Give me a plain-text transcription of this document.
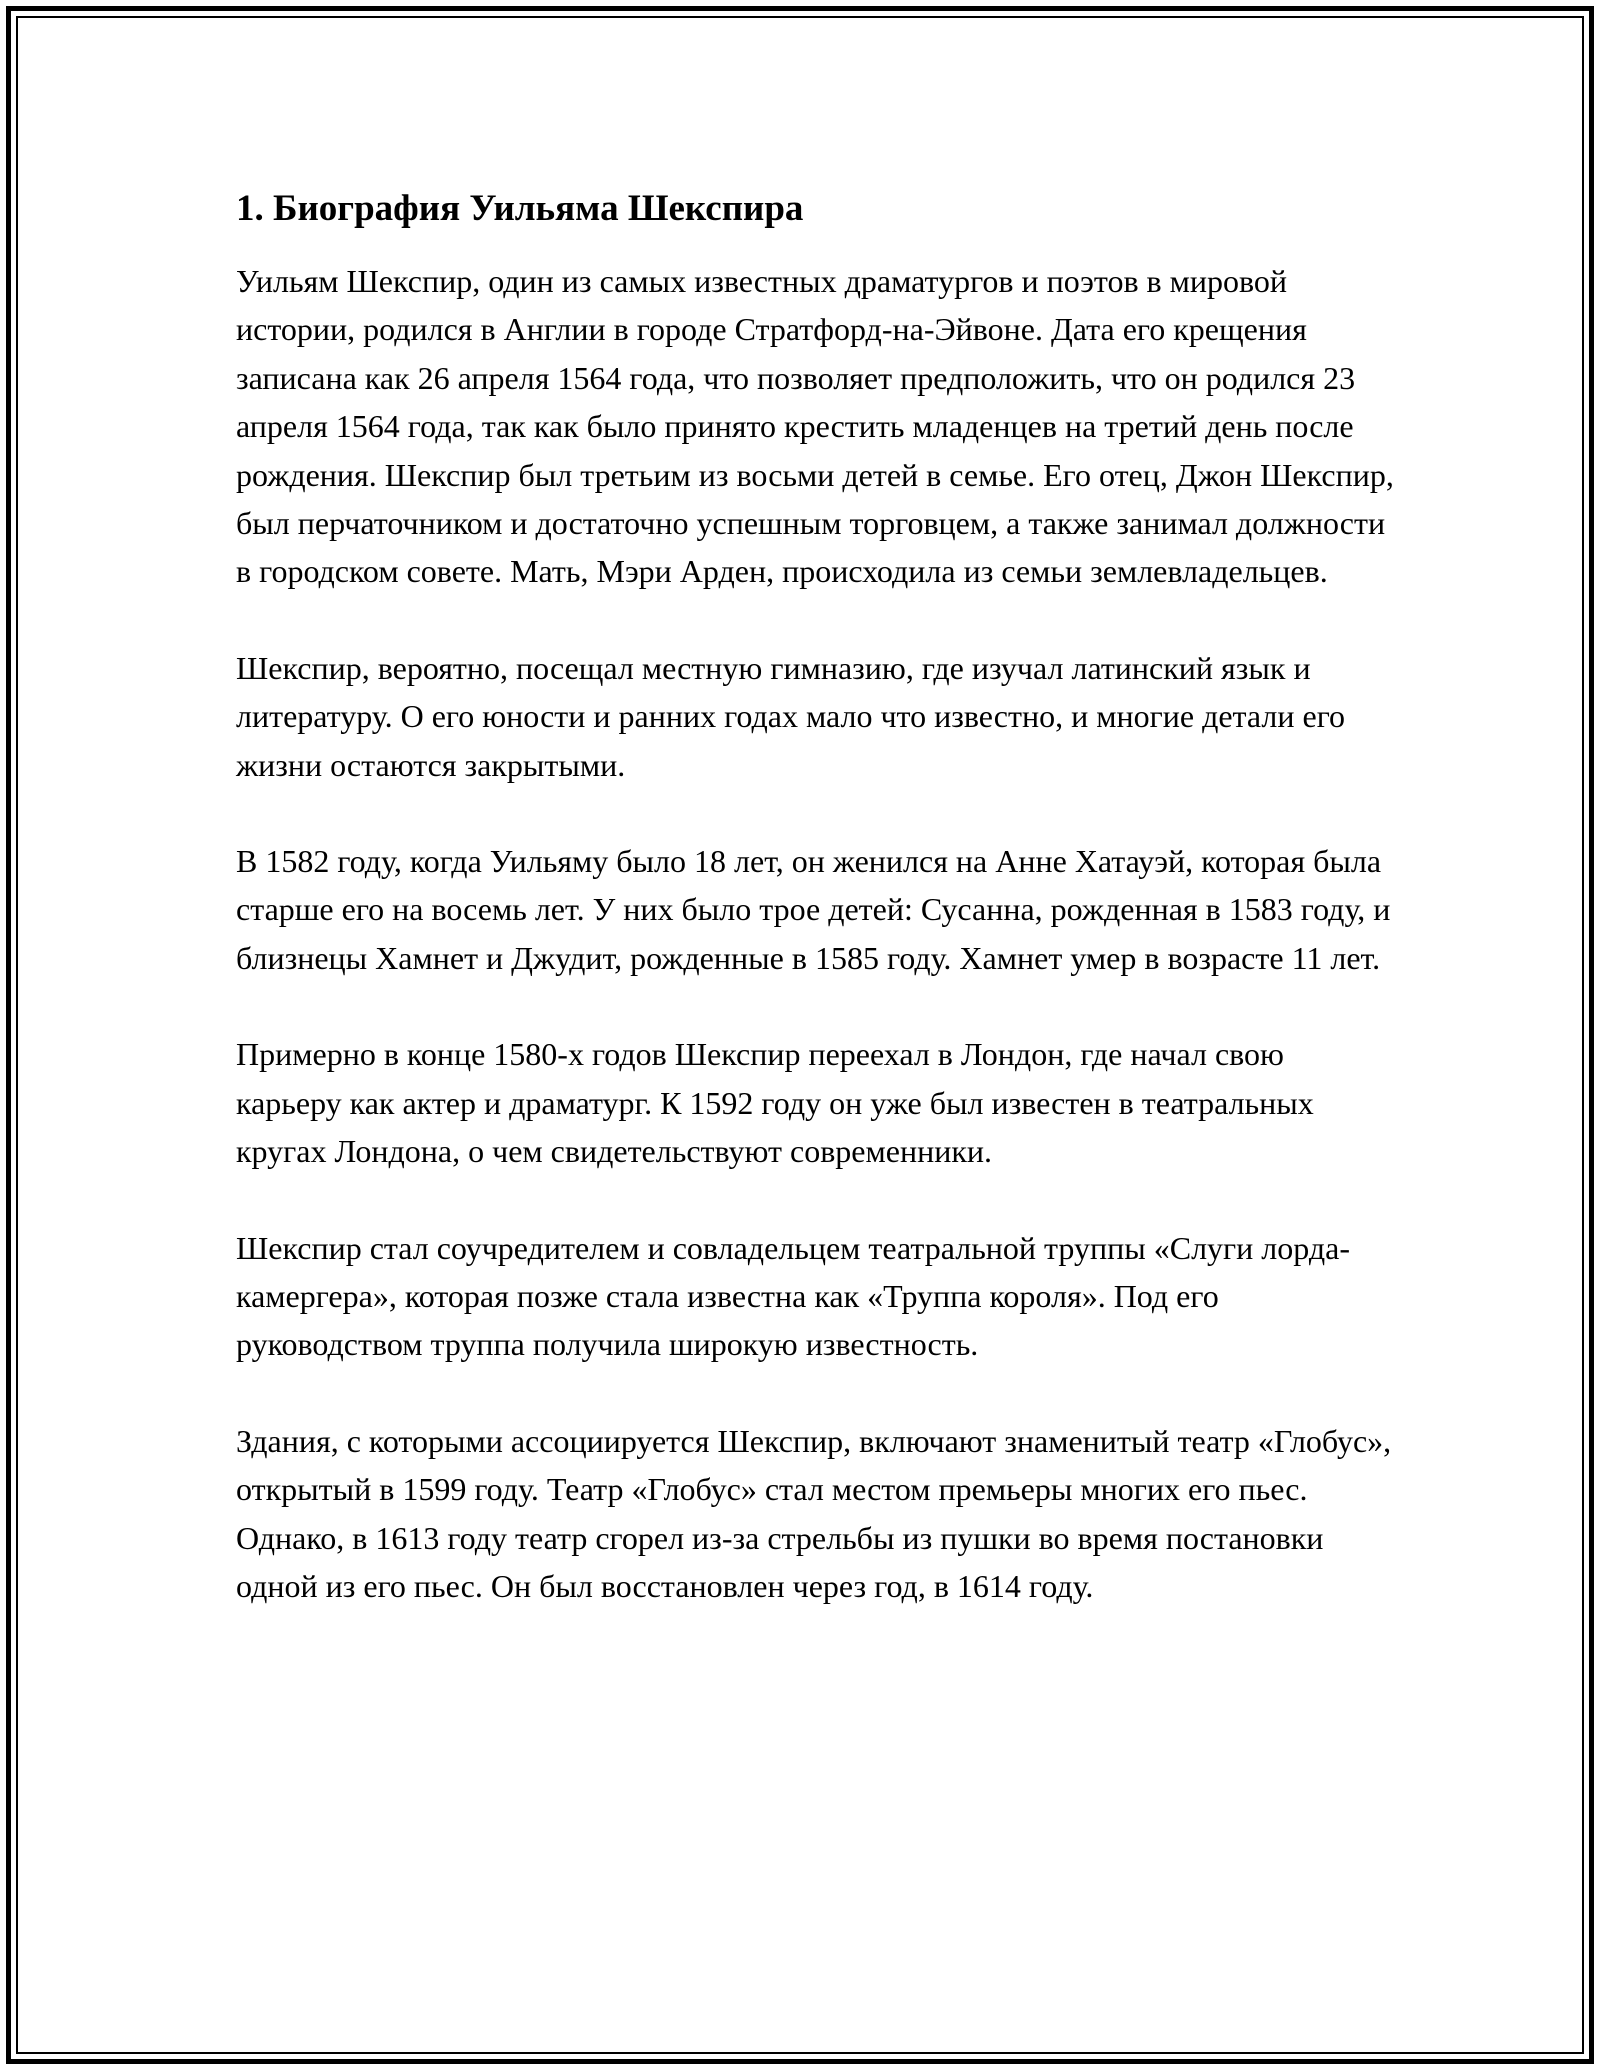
1. Биография Уильяма Шекспира

Уильям Шекспир, один из самых известных драматургов и поэтов в мировой истории, родился в Англии в городе Стратфорд-на-Эйвоне. Дата его крещения записана как 26 апреля 1564 года, что позволяет предположить, что он родился 23 апреля 1564 года, так как было принято крестить младенцев на третий день после рождения. Шекспир был третьим из восьми детей в семье. Его отец, Джон Шекспир, был перчаточником и достаточно успешным торговцем, а также занимал должности в городском совете. Мать, Мэри Арден, происходила из семьи землевладельцев.

Шекспир, вероятно, посещал местную гимназию, где изучал латинский язык и литературу. О его юности и ранних годах мало что известно, и многие детали его жизни остаются закрытыми.

В 1582 году, когда Уильяму было 18 лет, он женился на Анне Хатауэй, которая была старше его на восемь лет. У них было трое детей: Сусанна, рожденная в 1583 году, и близнецы Хамнет и Джудит, рожденные в 1585 году. Хамнет умер в возрасте 11 лет.

Примерно в конце 1580-х годов Шекспир переехал в Лондон, где начал свою карьеру как актер и драматург. К 1592 году он уже был известен в театральных кругах Лондона, о чем свидетельствуют современники.

Шекспир стал соучредителем и совладельцем театральной труппы «Слуги лорда-камергера», которая позже стала известна как «Труппа короля». Под его руководством труппа получила широкую известность.

Здания, с которыми ассоциируется Шекспир, включают знаменитый театр «Глобус», открытый в 1599 году. Театр «Глобус» стал местом премьеры многих его пьес. Однако, в 1613 году театр сгорел из-за стрельбы из пушки во время постановки одной из его пьес. Он был восстановлен через год, в 1614 году.
